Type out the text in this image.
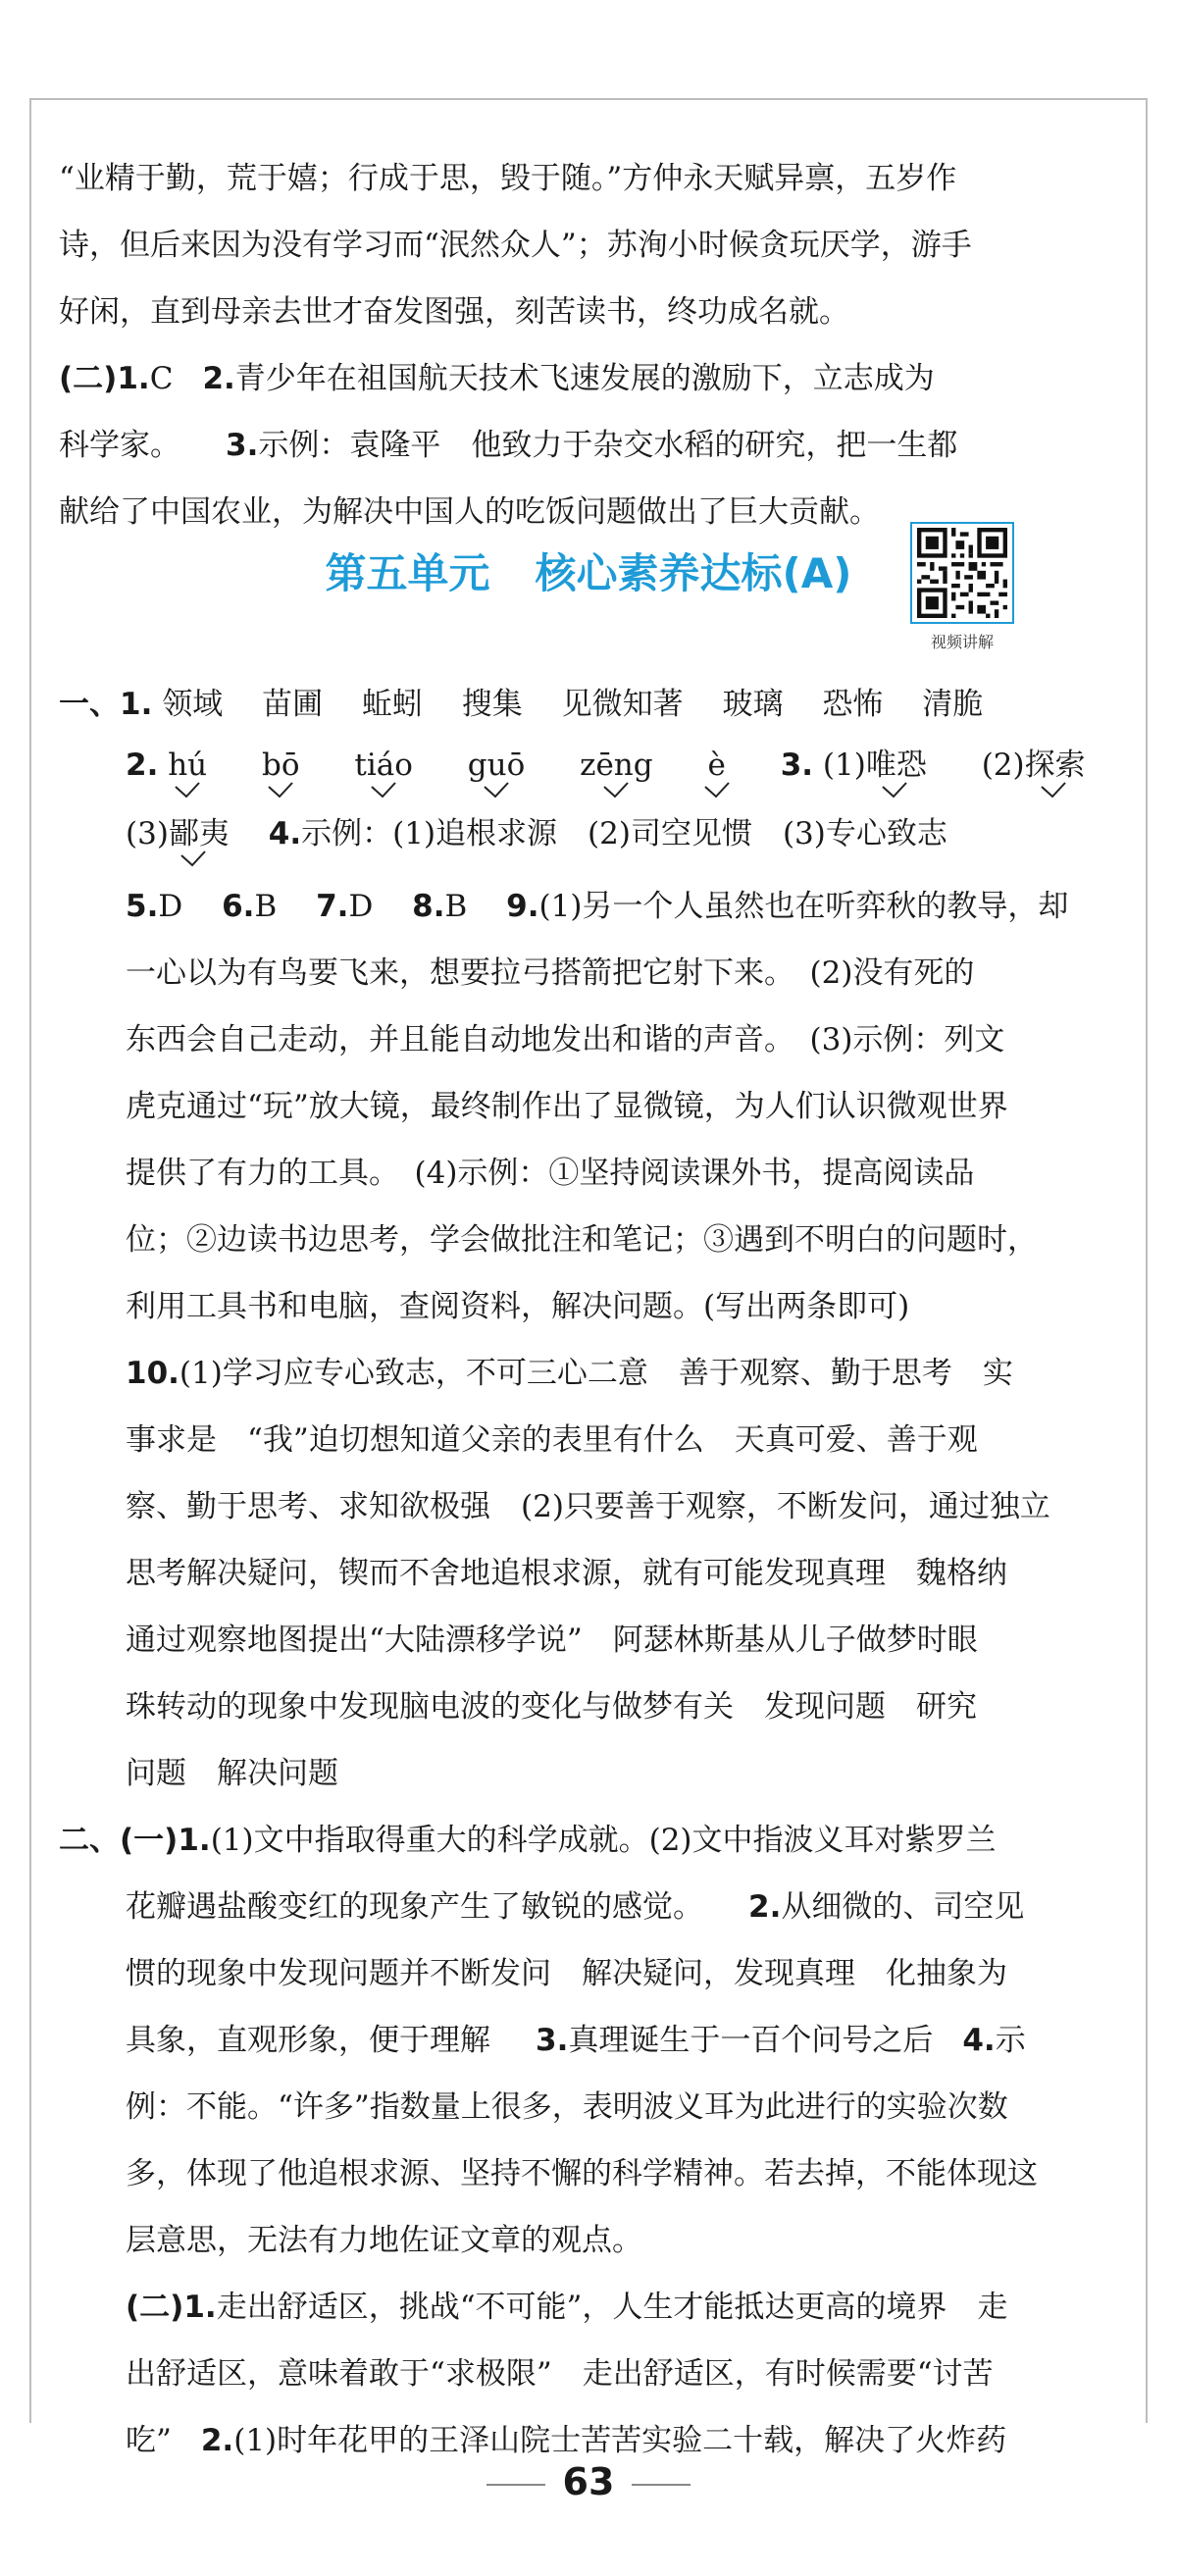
“业精于勤，荒于嬉；行成于思，毁于随。”方仲永天赋异禀，五岁作
诗，但后来因为没有学习而“泯然众人”；苏洵小时候贪玩厌学，游手
好闲，直到母亲去世才奋发图强，刻苦读书，终功成名就。
(二)1.C 2.青少年在祖国航天技术飞速发展的激励下，立志成为
科学家。 3.示例：袁隆平　他致力于杂交水稻的研究，把一生都
献给了中国农业，为解决中国人的吃饭问题做出了巨大贡献。
第五单元 核心素养达标(A)
视频讲解
一、1. 领域 苗圃 蚯蚓 搜集 见微知著 玻璃 恐怖 清脆
2. hú bō tiáo guō zēng è 3. (1)唯恐 (2)探索
(3)鄙夷 4.示例：(1)追根求源　(2)司空见惯　(3)专心致志
5.D 6.B 7.D 8.B 9.(1)另一个人虽然也在听弈秋的教导，却
一心以为有鸟要飞来，想要拉弓搭箭把它射下来。　(2)没有死的
东西会自己走动，并且能自动地发出和谐的声音。　(3)示例：列文
虎克通过“玩”放大镜，最终制作出了显微镜，为人们认识微观世界
提供了有力的工具。　(4)示例：①坚持阅读课外书，提高阅读品
位；②边读书边思考，学会做批注和笔记；③遇到不明白的问题时，
利用工具书和电脑，查阅资料，解决问题。(写出两条即可)
10.(1)学习应专心致志，不可三心二意　善于观察、勤于思考　实
事求是　“我”迫切想知道父亲的表里有什么　天真可爱、善于观
察、勤于思考、求知欲极强　(2)只要善于观察，不断发问，通过独立
思考解决疑问，锲而不舍地追根求源，就有可能发现真理　魏格纳
通过观察地图提出“大陆漂移学说”　阿瑟林斯基从儿子做梦时眼
珠转动的现象中发现脑电波的变化与做梦有关　发现问题　研究
问题　解决问题
二、(一)1.(1)文中指取得重大的科学成就。(2)文中指波义耳对紫罗兰
花瓣遇盐酸变红的现象产生了敏锐的感觉。 2.从细微的、司空见
惯的现象中发现问题并不断发问　解决疑问，发现真理　化抽象为
具象，直观形象，便于理解 3.真理诞生于一百个问号之后 4.示
例：不能。“许多”指数量上很多，表明波义耳为此进行的实验次数
多，体现了他追根求源、坚持不懈的科学精神。若去掉，不能体现这
层意思，无法有力地佐证文章的观点。
(二)1.走出舒适区，挑战“不可能”，人生才能抵达更高的境界　走
出舒适区，意味着敢于“求极限”　走出舒适区，有时候需要“讨苦
吃” 2.(1)时年花甲的王泽山院士苦苦实验二十载，解决了火炸药
63
